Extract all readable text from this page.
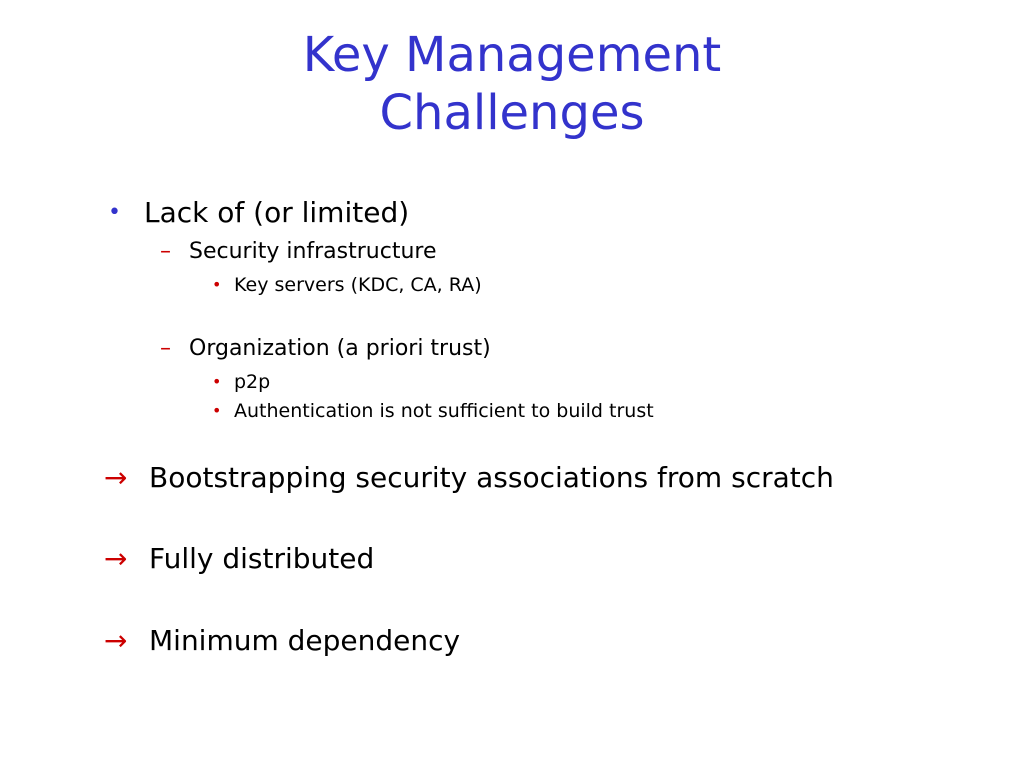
Key Management
Challenges
• Lack of (or limited)
– Security infrastructure
• Key servers (KDC, CA, RA)
– Organization (a priori trust)
• p2p
• Authentication is not sufficient to build trust
→ Bootstrapping security associations from scratch
→ Fully distributed
→ Minimum dependency
